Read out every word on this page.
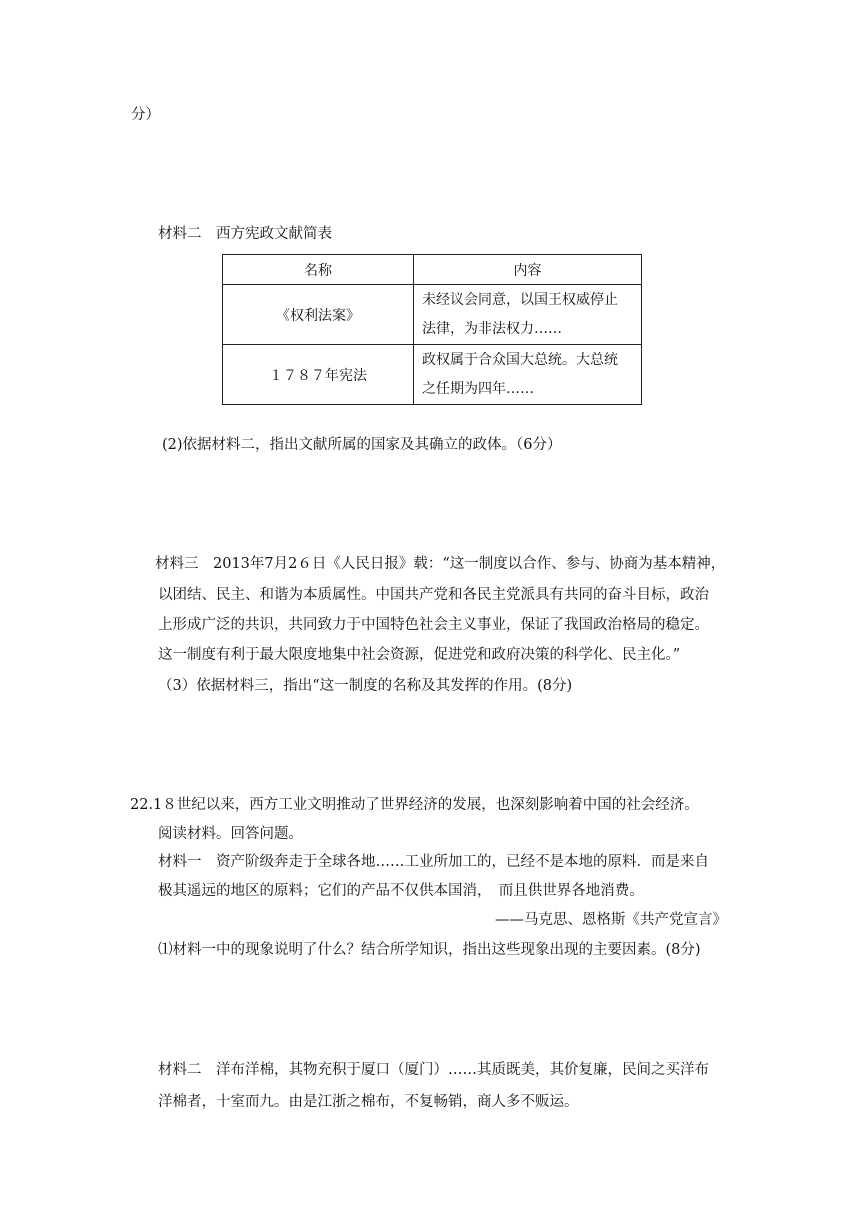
分）
材料二　西方宪政文献简表
名称	内容
《权利法案》	未经议会同意，以国王权威停止
法律，为非法权力……

１７８７年宪法	政权属于合众国大总统。大总统
之任期为四年……
(2)依据材料二，指出文献所属的国家及其确立的政体。（6分）
材料三　2013年7月2６日《人民日报》载：“这一制度以合作、参与、协商为基本精神，
以团结、民主、和谐为本质属性。中国共产党和各民主党派具有共同的奋斗目标，政治
上形成广泛的共识，共同致力于中国特色社会主义事业，保证了我国政治格局的稳定。
这一制度有利于最大限度地集中社会资源，促进党和政府决策的科学化、民主化。”
（3）依据材料三，指出“这一制度的名称及其发挥的作用。(8分)
22.1８世纪以来，西方工业文明推动了世界经济的发展，也深刻影响着中国的社会经济。
阅读材料。回答问题。
材料一　资产阶级奔走于全球各地……工业所加工的，已经不是本地的原料．而是来自
极其遥远的地区的原料；它们的产品不仅供本国消，　而且供世界各地消费。
——马克思、恩格斯《共产党宣言》
⑴材料一中的现象说明了什么？结合所学知识，指出这些现象出现的主要因素。(8分)
材料二　洋布洋棉，其物充积于厦口（厦门）……其质既美，其价复廉，民间之买洋布
洋棉者，十室而九。由是江浙之棉布，不复畅销，商人多不贩运。
